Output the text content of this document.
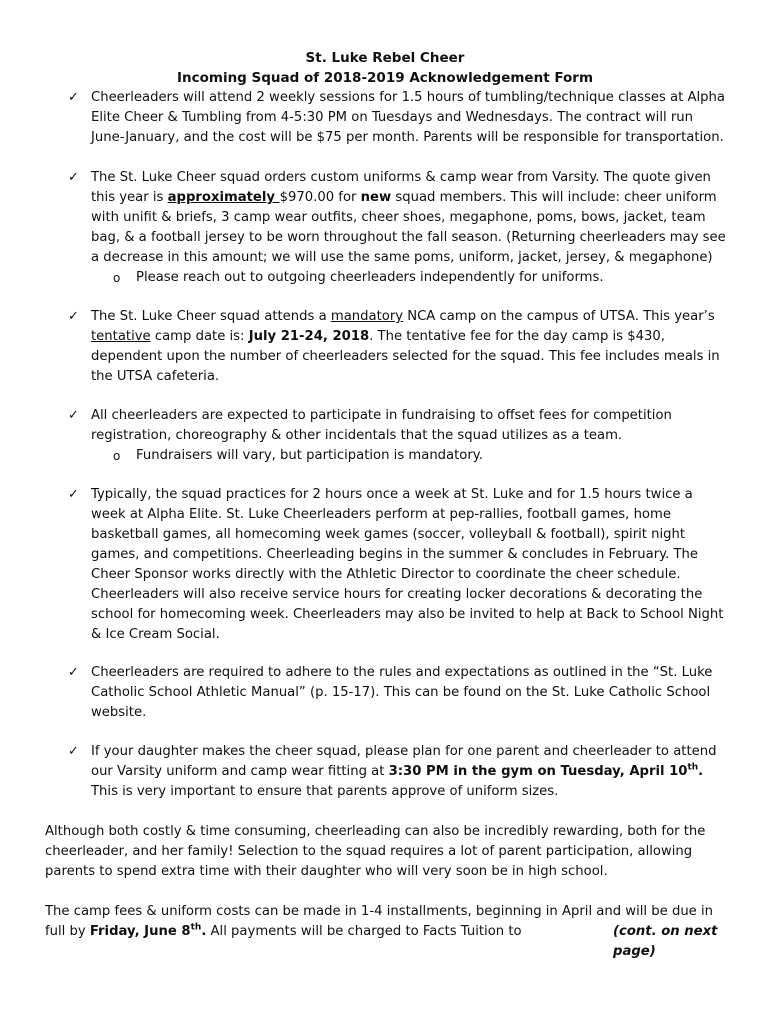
St. Luke Rebel Cheer
Incoming Squad of 2018-2019 Acknowledgement Form
✓ Cheerleaders will attend 2 weekly sessions for 1.5 hours of tumbling/technique classes at Alpha Elite Cheer & Tumbling from 4-5:30 PM on Tuesdays and Wednesdays. The contract will run June-January, and the cost will be $75 per month. Parents will be responsible for transportation.
✓ The St. Luke Cheer squad orders custom uniforms & camp wear from Varsity. The quote given this year is approximately $970.00 for new squad members. This will include: cheer uniform with unifit & briefs, 3 camp wear outfits, cheer shoes, megaphone, poms, bows, jacket, team bag, & a football jersey to be worn throughout the fall season. (Returning cheerleaders may see a decrease in this amount; we will use the same poms, uniform, jacket, jersey, & megaphone)
o Please reach out to outgoing cheerleaders independently for uniforms.
✓ The St. Luke Cheer squad attends a mandatory NCA camp on the campus of UTSA. This year’s tentative camp date is: July 21-24, 2018. The tentative fee for the day camp is $430, dependent upon the number of cheerleaders selected for the squad. This fee includes meals in the UTSA cafeteria.
✓ All cheerleaders are expected to participate in fundraising to offset fees for competition registration, choreography & other incidentals that the squad utilizes as a team.
o Fundraisers will vary, but participation is mandatory.
✓ Typically, the squad practices for 2 hours once a week at St. Luke and for 1.5 hours twice a week at Alpha Elite. St. Luke Cheerleaders perform at pep-rallies, football games, home basketball games, all homecoming week games (soccer, volleyball & football), spirit night games, and competitions. Cheerleading begins in the summer & concludes in February. The Cheer Sponsor works directly with the Athletic Director to coordinate the cheer schedule. Cheerleaders will also receive service hours for creating locker decorations & decorating the school for homecoming week. Cheerleaders may also be invited to help at Back to School Night & Ice Cream Social.
✓ Cheerleaders are required to adhere to the rules and expectations as outlined in the “St. Luke Catholic School Athletic Manual” (p. 15-17). This can be found on the St. Luke Catholic School website.
✓ If your daughter makes the cheer squad, please plan for one parent and cheerleader to attend our Varsity uniform and camp wear fitting at 3:30 PM in the gym on Tuesday, April 10th. This is very important to ensure that parents approve of uniform sizes.
Although both costly & time consuming, cheerleading can also be incredibly rewarding, both for the cheerleader, and her family! Selection to the squad requires a lot of parent participation, allowing parents to spend extra time with their daughter who will very soon be in high school.
The camp fees & uniform costs can be made in 1-4 installments, beginning in April and will be due in full by Friday, June 8th. All payments will be charged to Facts Tuition to	(cont. on next page)
